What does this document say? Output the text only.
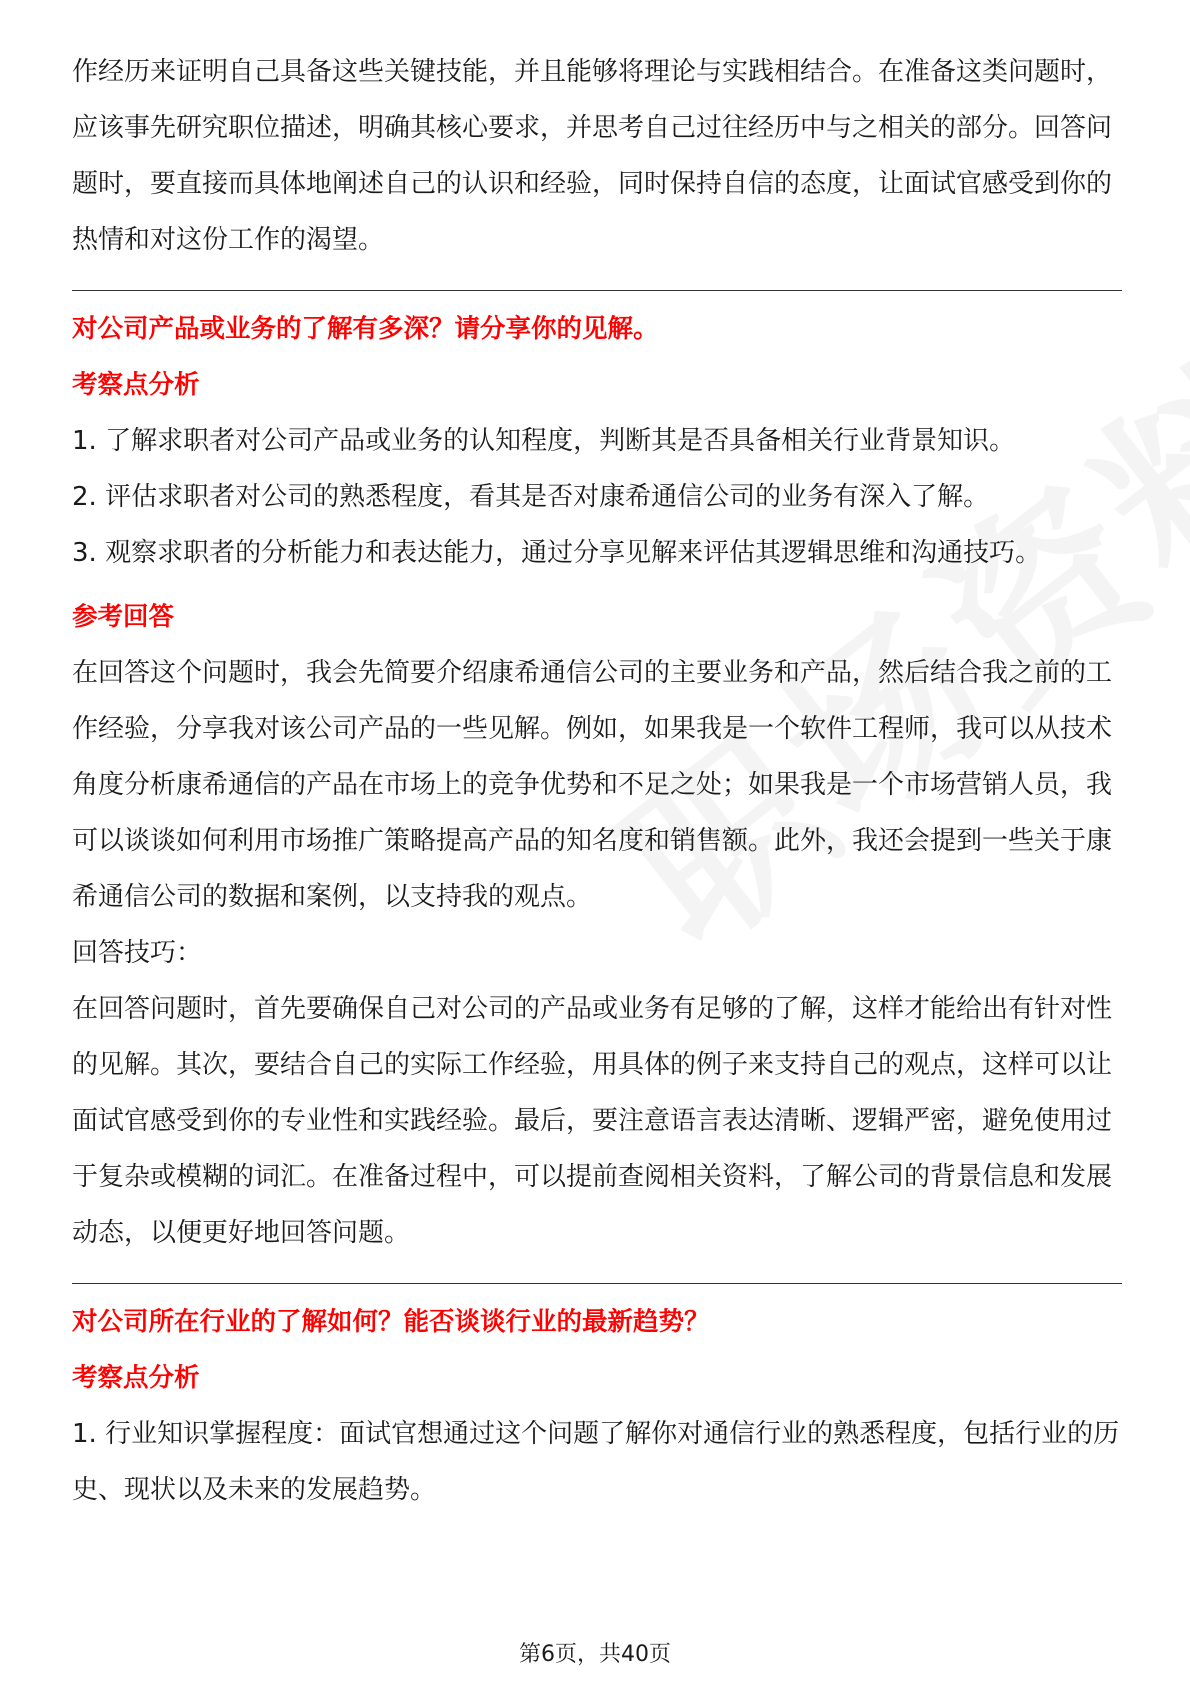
作经历来证明自己具备这些关键技能，并且能够将理论与实践相结合。在准备这类问题时，应该事先研究职位描述，明确其核心要求，并思考自己过往经历中与之相关的部分。回答问题时，要直接而具体地阐述自己的认识和经验，同时保持自信的态度，让面试官感受到你的热情和对这份工作的渴望。

对公司产品或业务的了解有多深？请分享你的见解。

考察点分析

1. 了解求职者对公司产品或业务的认知程度，判断其是否具备相关行业背景知识。

2. 评估求职者对公司的熟悉程度，看其是否对康希通信公司的业务有深入了解。

3. 观察求职者的分析能力和表达能力，通过分享见解来评估其逻辑思维和沟通技巧。

参考回答

在回答这个问题时，我会先简要介绍康希通信公司的主要业务和产品，然后结合我之前的工作经验，分享我对该公司产品的一些见解。例如，如果我是一个软件工程师，我可以从技术角度分析康希通信的产品在市场上的竞争优势和不足之处；如果我是一个市场营销人员，我可以谈谈如何利用市场推广策略提高产品的知名度和销售额。此外，我还会提到一些关于康希通信公司的数据和案例，以支持我的观点。

回答技巧：

在回答问题时，首先要确保自己对公司的产品或业务有足够的了解，这样才能给出有针对性的见解。其次，要结合自己的实际工作经验，用具体的例子来支持自己的观点，这样可以让面试官感受到你的专业性和实践经验。最后，要注意语言表达清晰、逻辑严密，避免使用过于复杂或模糊的词汇。在准备过程中，可以提前查阅相关资料，了解公司的背景信息和发展动态，以便更好地回答问题。

对公司所在行业的了解如何？能否谈谈行业的最新趋势？

考察点分析

1. 行业知识掌握程度：面试官想通过这个问题了解你对通信行业的熟悉程度，包括行业的历史、现状以及未来的发展趋势。

第6页，共40页
